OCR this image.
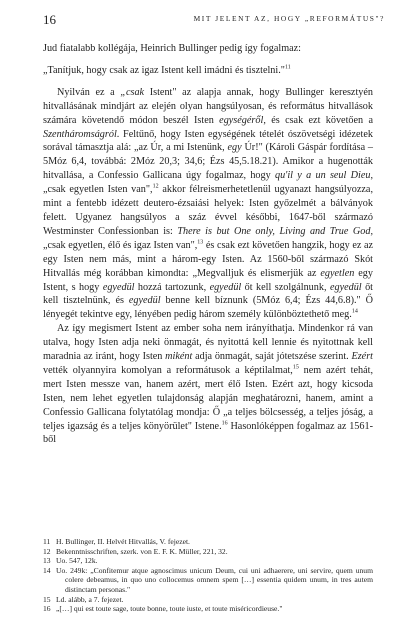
16	MIT JELENT AZ, HOGY „REFORMÁTUS"?

Jud fiatalabb kollégája, Heinrich Bullinger pedig így fogalmaz:

„Tanítjuk, hogy csak az igaz Istent kell imádni és tisztelni."$^{11}$

Nyilván ez a „csak Istent" az alapja annak, hogy Bullinger keresztyén hitvallásának mindjárt az elején olyan hangsúlyosan, és református hitvallások számára követendő módon beszél Isten egységéről, és csak ezt követően a Szentháromságról. Feltűnő, hogy Isten egységének tételét ószövetségi idézetek sorával támasztja alá: „az Úr, a mi Istenünk, egy Úr!" (Károli Gáspár fordítása – 5Móz 6,4, továbbá: 2Móz 20,3; 34,6; Ézs 45,5.18.21). Amikor a hugenották hitvallása, a Confessio Gallicana úgy fogalmaz, hogy qu'il y a un seul Dieu, „csak egyetlen Isten van",$^{12}$ akkor félreismerhetetlenül ugyanazt hangsúlyozza, mint a fentebb idézett deutero-ézsaiási helyek: Isten győzelmét a bálványok felett. Ugyanez hangsúlyos a száz évvel későbbi, 1647-ből származó Westminster Confessionban is: There is but One only, Living and True God, „csak egyetlen, élő és igaz Isten van",$^{13}$ és csak ezt követően hangzik, hogy ez az egy Isten nem más, mint a három-egy Isten. Az 1560-ből származó Skót Hitvallás még korábban kimondta: „Megvalljuk és elismerjük az egyetlen egy Istent, s hogy egyedül hozzá tartozunk, egyedül őt kell szolgálnunk, egyedül őt kell tisztelnünk, és egyedül benne kell bíznunk (5Móz 6,4; Ézs 44,6.8)." Ő lényegét tekintve egy, lényében pedig három személy különböztethető meg.$^{14}$

Az így megismert Istent az ember soha nem irányíthatja. Mindenkor rá van utalva, hogy Isten adja neki önmagát, és nyitottá kell lennie és nyitottnak kell maradnia az iránt, hogy Isten miként adja önmagát, saját jótetszése szerint. Ezért vették olyannyira komolyan a reformátusok a képtilalmat,$^{15}$ nem azért tehát, mert Isten messze van, hanem azért, mert élő Isten. Ezért azt, hogy kicsoda Isten, nem lehet egyetlen tulajdonság alapján meghatározni, hanem, amint a Confessio Gallicana folytatólag mondja: Ő „a teljes bölcsesség, a teljes jóság, a teljes igazság és a teljes könyörület" Istene.$^{16}$ Hasonlóképpen fogalmaz az 1561-ből

11 H. Bullinger, II. Helvét Hitvallás, V. fejezet.

12 Bekenntnisschriften, szerk. von E. F. K. Müller, 221, 32.

13 Uo. 547, 12k.

14 Uo. 249k: „Confitemur atque agnoscimus unicum Deum, cui uni adhaerere, uni servire, quem unum colere debeamus, in quo uno collocemus omnem spem […] essentia quidem unum, in tres autem distinctam personas."

15 Ld. alább, a 7. fejezet.

16 „[…] qui est toute sage, toute bonne, toute iuste, et toute miséricordieuse."
